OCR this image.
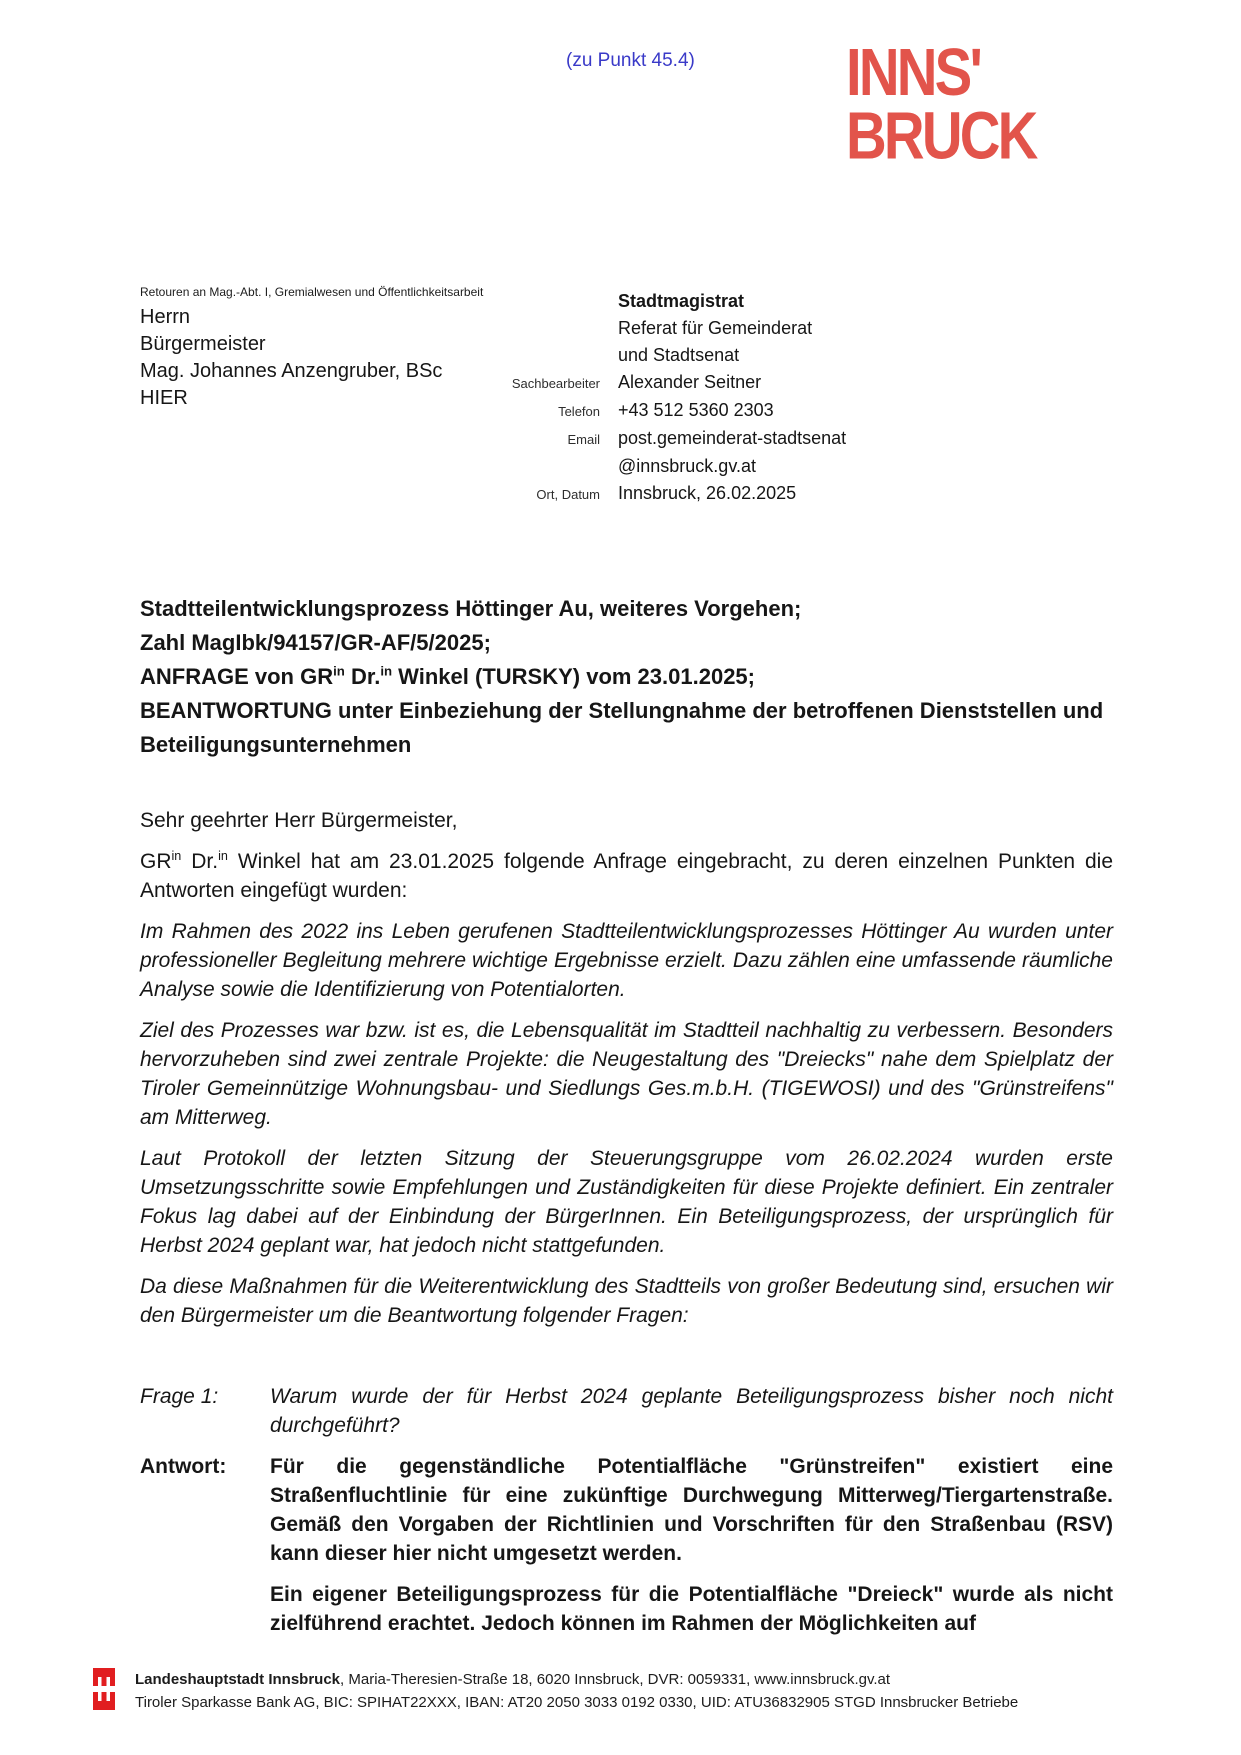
(zu Punkt 45.4)	INNS'
BRUCK
Retouren an Mag.-Abt. I, Gremialwesen und Öffentlichkeitsarbeit
Herrn
Bürgermeister
Mag. Johannes Anzengruber, BSc
HIER
Stadtmagistrat
Referat für Gemeinderat
und Stadtsenat
Sachbearbeiter Alexander Seitner
Telefon +43 512 5360 2303
Email post.gemeinderat-stadtsenat
@innsbruck.gv.at
Ort, Datum Innsbruck, 26.02.2025

Stadtteilentwicklungsprozess Höttinger Au, weiteres Vorgehen;

Zahl MagIbk/94157/GR-AF/5/2025;

ANFRAGE von $GR^{in}$ Dr.$^{in}$ Winkel (TURSKY) vom 23.01.2025;

BEANTWORTUNG unter Einbeziehung der Stellungnahme der betroffenen Dienststellen und Beteiligungsunternehmen

Sehr geehrter Herr Bürgermeister,

$GR^{in}$ Dr.$^{in}$ Winkel hat am 23.01.2025 folgende Anfrage eingebracht, zu deren einzelnen Punkten die Antworten eingefügt wurden:

Im Rahmen des 2022 ins Leben gerufenen Stadtteilentwicklungsprozesses Höttinger Au wurden unter professioneller Begleitung mehrere wichtige Ergebnisse erzielt. Dazu zählen eine umfassende räumliche Analyse sowie die Identifizierung von Potentialorten.

Ziel des Prozesses war bzw. ist es, die Lebensqualität im Stadtteil nachhaltig zu verbessern. Besonders hervorzuheben sind zwei zentrale Projekte: die Neugestaltung des "Dreiecks" nahe dem Spielplatz der Tiroler Gemeinnützige Wohnungsbau- und Siedlungs Ges.m.b.H. (TIGEWOSI) und des "Grünstreifens" am Mitterweg.

Laut Protokoll der letzten Sitzung der Steuerungsgruppe vom 26.02.2024 wurden erste Umsetzungsschritte sowie Empfehlungen und Zuständigkeiten für diese Projekte definiert. Ein zentraler Fokus lag dabei auf der Einbindung der BürgerInnen. Ein Beteiligungsprozess, der ursprünglich für Herbst 2024 geplant war, hat jedoch nicht stattgefunden.

Da diese Maßnahmen für die Weiterentwicklung des Stadtteils von großer Bedeutung sind, ersuchen wir den Bürgermeister um die Beantwortung folgender Fragen:

Frage 1:	Warum wurde der für Herbst 2024 geplante Beteiligungsprozess bisher noch nicht durchgeführt?

Antwort:	Für die gegenständliche Potentialfläche "Grünstreifen" existiert eine Straßenfluchtlinie für eine zukünftige Durchwegung Mitterweg/Tiergartenstraße. Gemäß den Vorgaben der Richtlinien und Vorschriften für den Straßenbau (RSV) kann dieser hier nicht umgesetzt werden.

Ein eigener Beteiligungsprozess für die Potentialfläche "Dreieck" wurde als nicht zielführend erachtet. Jedoch können im Rahmen der Möglichkeiten auf

Landeshauptstadt Innsbruck, Maria-Theresien-Straße 18, 6020 Innsbruck, DVR: 0059331, www.innsbruck.gv.at
Tiroler Sparkasse Bank AG, BIC: SPIHAT22XXX, IBAN: AT20 2050 3033 0192 0330, UID: ATU36832905 STGD Innsbrucker Betriebe
